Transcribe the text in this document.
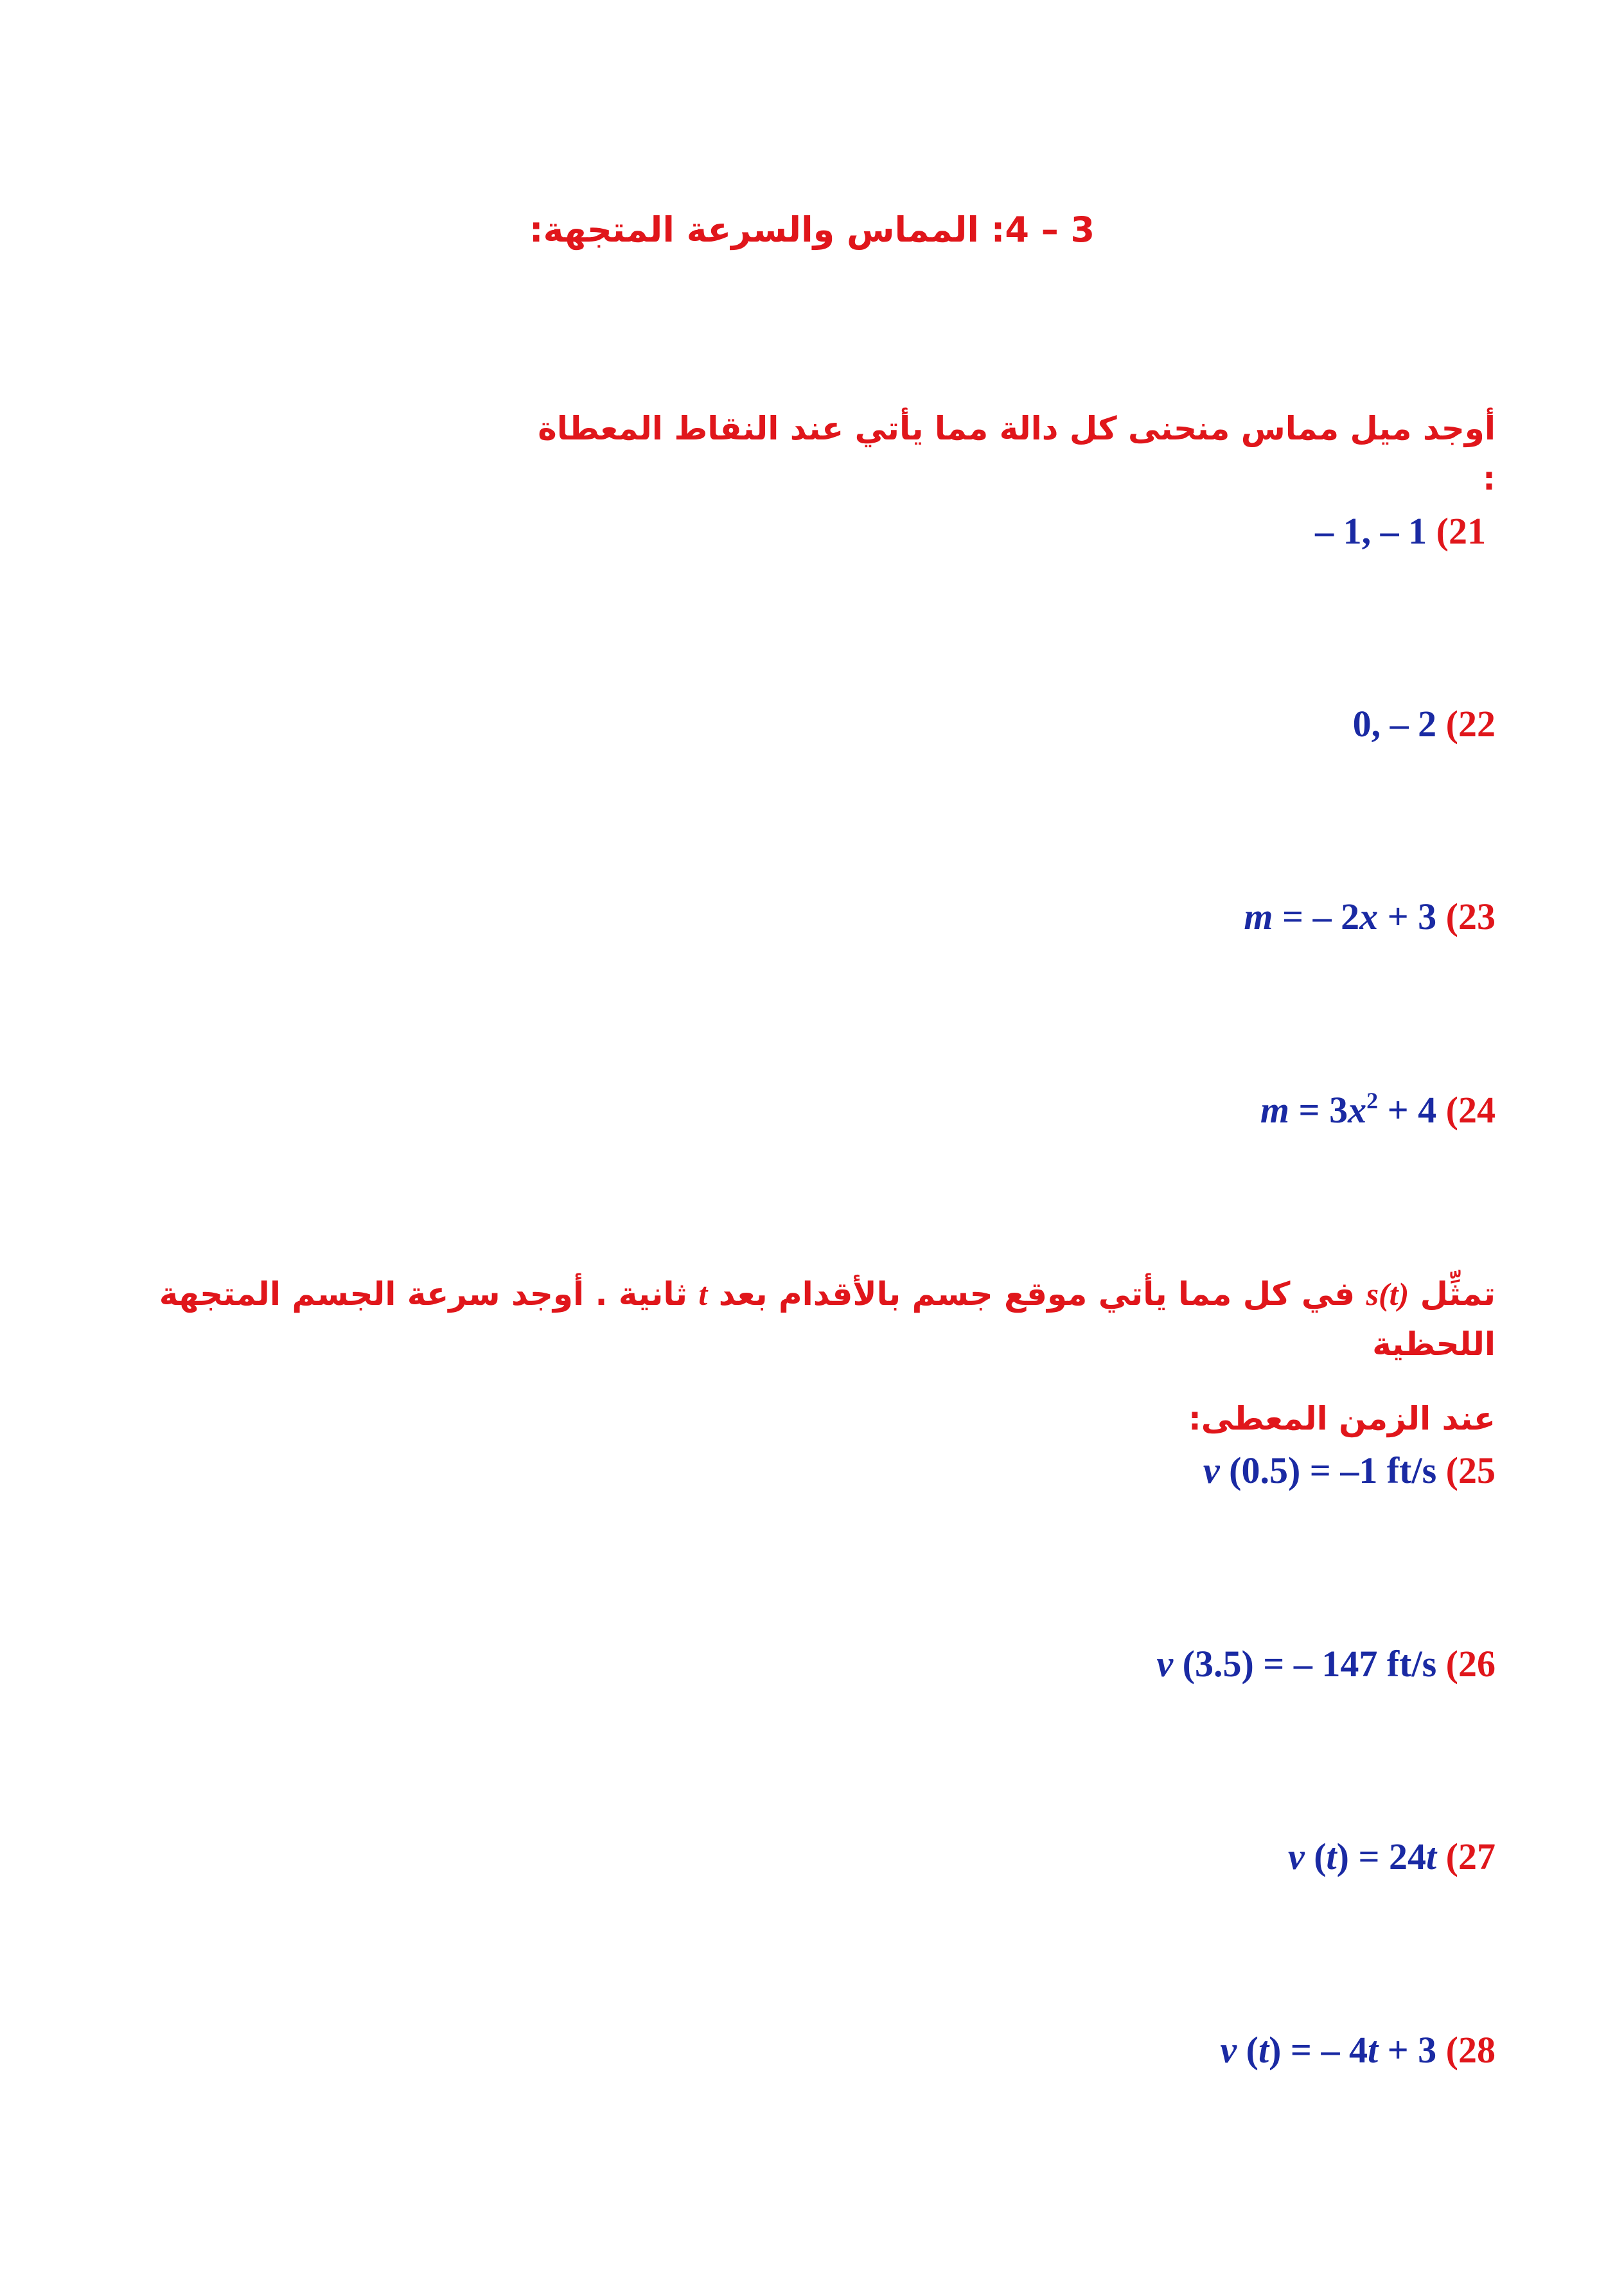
3 – 4: المماس والسرعة المتجهة:
أوجد ميل مماس منحنى كل دالة مما يأتي عند النقاط المعطاة :
– 1, – 1 (21
0, – 2 (22
m = – 2x + 3 (23
$m = 3x^2 + 4$ (24
تمثِّل s(t) في كل مما يأتي موقع جسم بالأقدام بعد t ثانية . أوجد سرعة الجسم المتجهة اللحظية
عند الزمن المعطى:
v (0.5) = –1 ft/s (25
v (3.5) = – 147 ft/s (26
v (t) = 24t (27
v (t) = – 4t + 3 (28
